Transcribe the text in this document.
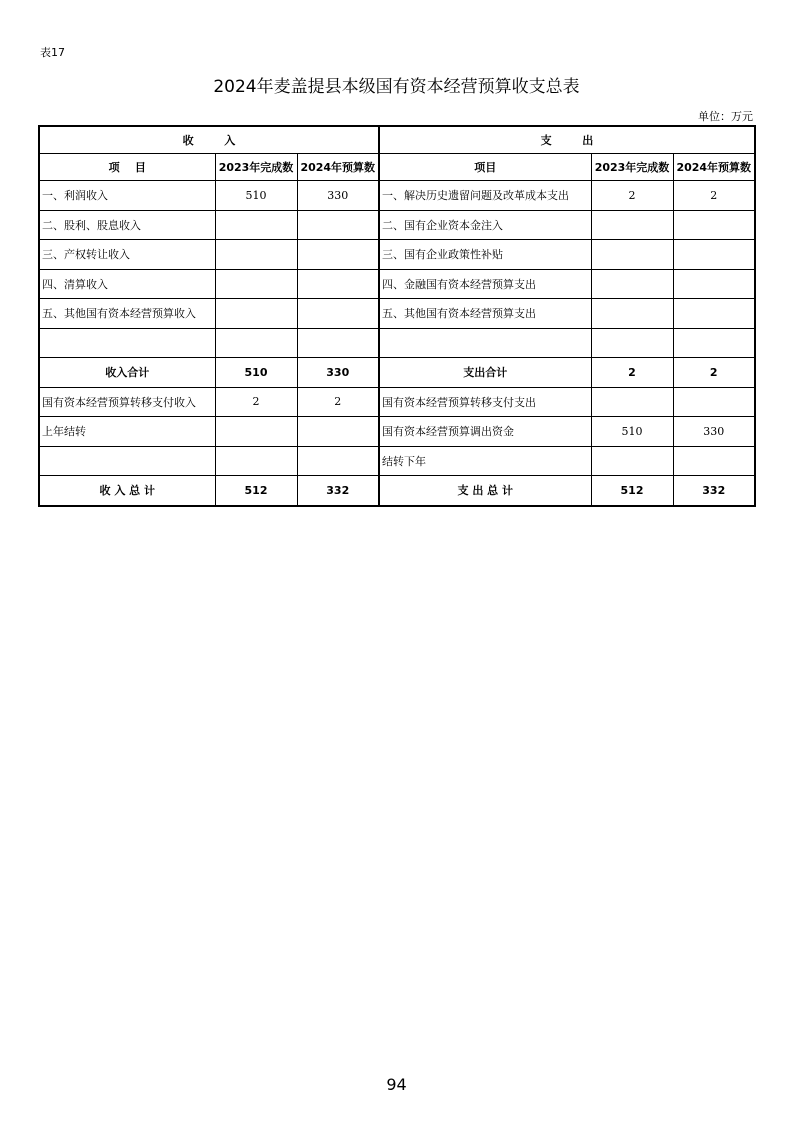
表17
2024年麦盖提县本级国有资本经营预算收支总表
单位：万元
收        入			支        出		
项    目	2023年完成数	2024年预算数	项目	2023年完成数	2024年预算数
一、利润收入	510	330	一、解决历史遗留问题及改革成本支出	2	2
二、股利、股息收入			二、国有企业资本金注入		
三、产权转让收入			三、国有企业政策性补贴		
四、清算收入			四、金融国有资本经营预算支出		
五、其他国有资本经营预算收入			五、其他国有资本经营预算支出		

收入合计	510	330	支出合计	2	2
国有资本经营预算转移支付收入	2	2	国有资本经营预算转移支付支出		
上年结转			国有资本经营预算调出资金	510	330
			结转下年		
收 入 总 计	512	332	支 出 总 计	512	332
94
